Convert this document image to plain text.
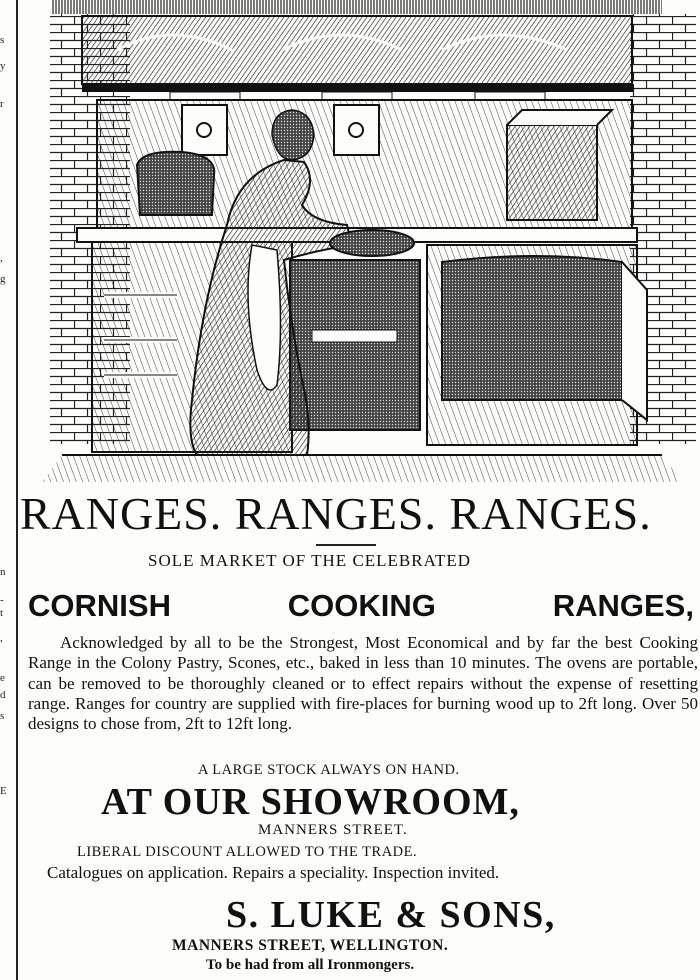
s
y
r
,
g
n
-
t
,
e
d
s
E
RANGES. RANGES. RANGES.
SOLE MARKET OF THE CELEBRATED
CORNISH	COOKING	RANGES,
Acknowledged by all to be the Strongest, Most Economical and by far the best Cooking Range in the Colony Pastry, Scones, etc., baked in less than 10 minutes. The ovens are portable, can be removed to be thoroughly cleaned or to effect repairs without the expense of resetting range. Ranges for country are supplied with fire-places for burning wood up to 2ft long. Over 50 designs to chose from, 2ft to 12ft long.
A LARGE STOCK ALWAYS ON HAND.
AT OUR SHOWROOM,
MANNERS STREET.
LIBERAL DISCOUNT ALLOWED TO THE TRADE.
Catalogues on application. Repairs a speciality. Inspection invited.
S. LUKE & SONS,
MANNERS STREET, WELLINGTON.
To be had from all Ironmongers.
